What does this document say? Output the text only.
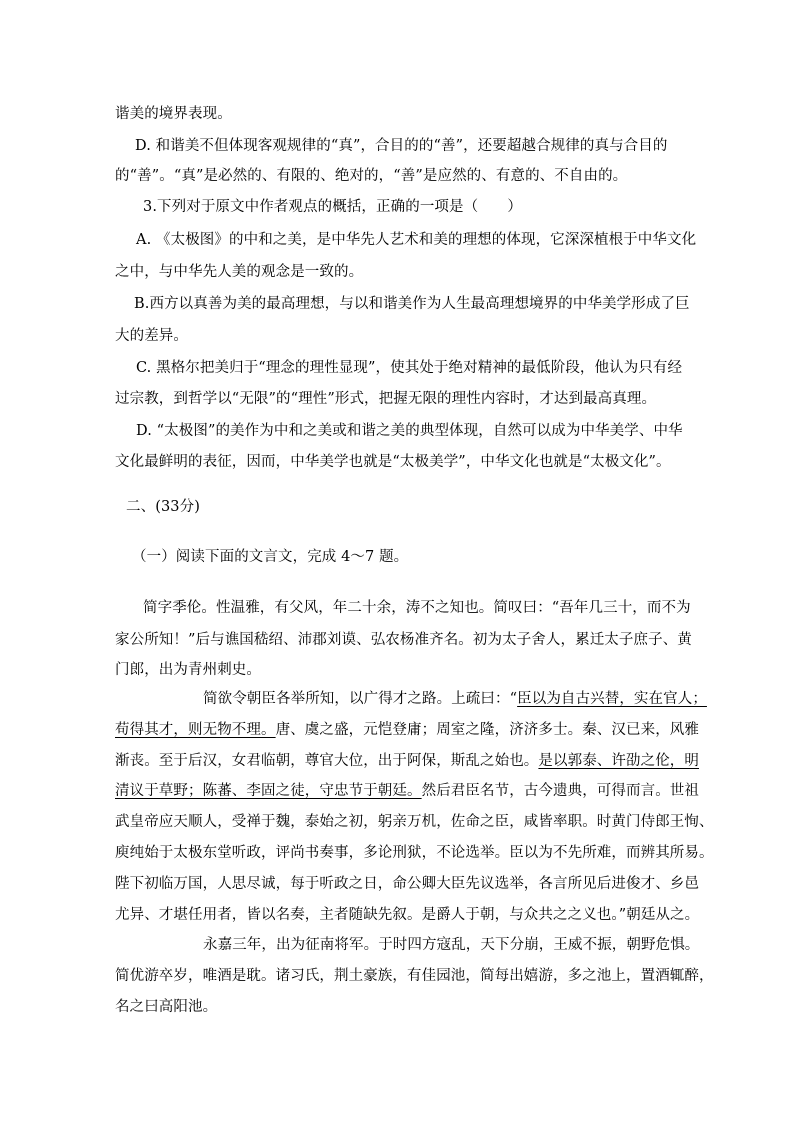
谐美的境界表现。
D. 和谐美不但体现客观规律的“真”，合目的的“善”，还要超越合规律的真与合目的
的“善”。“真”是必然的、有限的、绝对的，“善”是应然的、有意的、不自由的。
3.下列对于原文中作者观点的概括，正确的一项是（　　）
A. 《太极图》的中和之美，是中华先人艺术和美的理想的体现，它深深植根于中华文化
之中，与中华先人美的观念是一致的。
B.西方以真善为美的最高理想，与以和谐美作为人生最高理想境界的中华美学形成了巨
大的差异。
C. 黑格尔把美归于“理念的理性显现”，使其处于绝对精神的最低阶段，他认为只有经
过宗教，到哲学以“无限”的“理性”形式，把握无限的理性内容时，才达到最高真理。
D. “太极图”的美作为中和之美或和谐之美的典型体现，自然可以成为中华美学、中华
文化最鲜明的表征，因而，中华美学也就是“太极美学”，中华文化也就是“太极文化”。
二、(33分)
（一）阅读下面的文言文，完成 4～7 题。
简字季伦。性温雅，有父风，年二十余，涛不之知也。简叹曰：“吾年几三十，而不为
家公所知！”后与谯国嵇绍、沛郡刘谟、弘农杨准齐名。初为太子舍人，累迁太子庶子、黄
门郎，出为青州刺史。
简欲令朝臣各举所知，以广得才之路。上疏曰：“臣以为自古兴替，实在官人；
苟得其才，则无物不理。唐、虞之盛，元恺登庸；周室之隆，济济多士。秦、汉已来，风雅
渐丧。至于后汉，女君临朝，尊官大位，出于阿保，斯乱之始也。是以郭泰、许劭之伦，明
清议于草野；陈蕃、李固之徒，守忠节于朝廷。然后君臣名节，古今遗典，可得而言。世祖
武皇帝应天顺人，受禅于魏，泰始之初，躬亲万机，佐命之臣，咸皆率职。时黄门侍郎王恂、
庾纯始于太极东堂听政，评尚书奏事，多论刑狱，不论选举。臣以为不先所难，而辨其所易。
陛下初临万国，人思尽诚，每于听政之日，命公卿大臣先议选举，各言所见后进俊才、乡邑
尤异、才堪任用者，皆以名奏，主者随缺先叙。是爵人于朝，与众共之之义也。”朝廷从之。
永嘉三年，出为征南将军。于时四方寇乱，天下分崩，王威不振，朝野危惧。
简优游卒岁，唯酒是耽。诸习氏，荆土豪族，有佳园池，简每出嬉游，多之池上，置酒辄醉，
名之曰高阳池。
